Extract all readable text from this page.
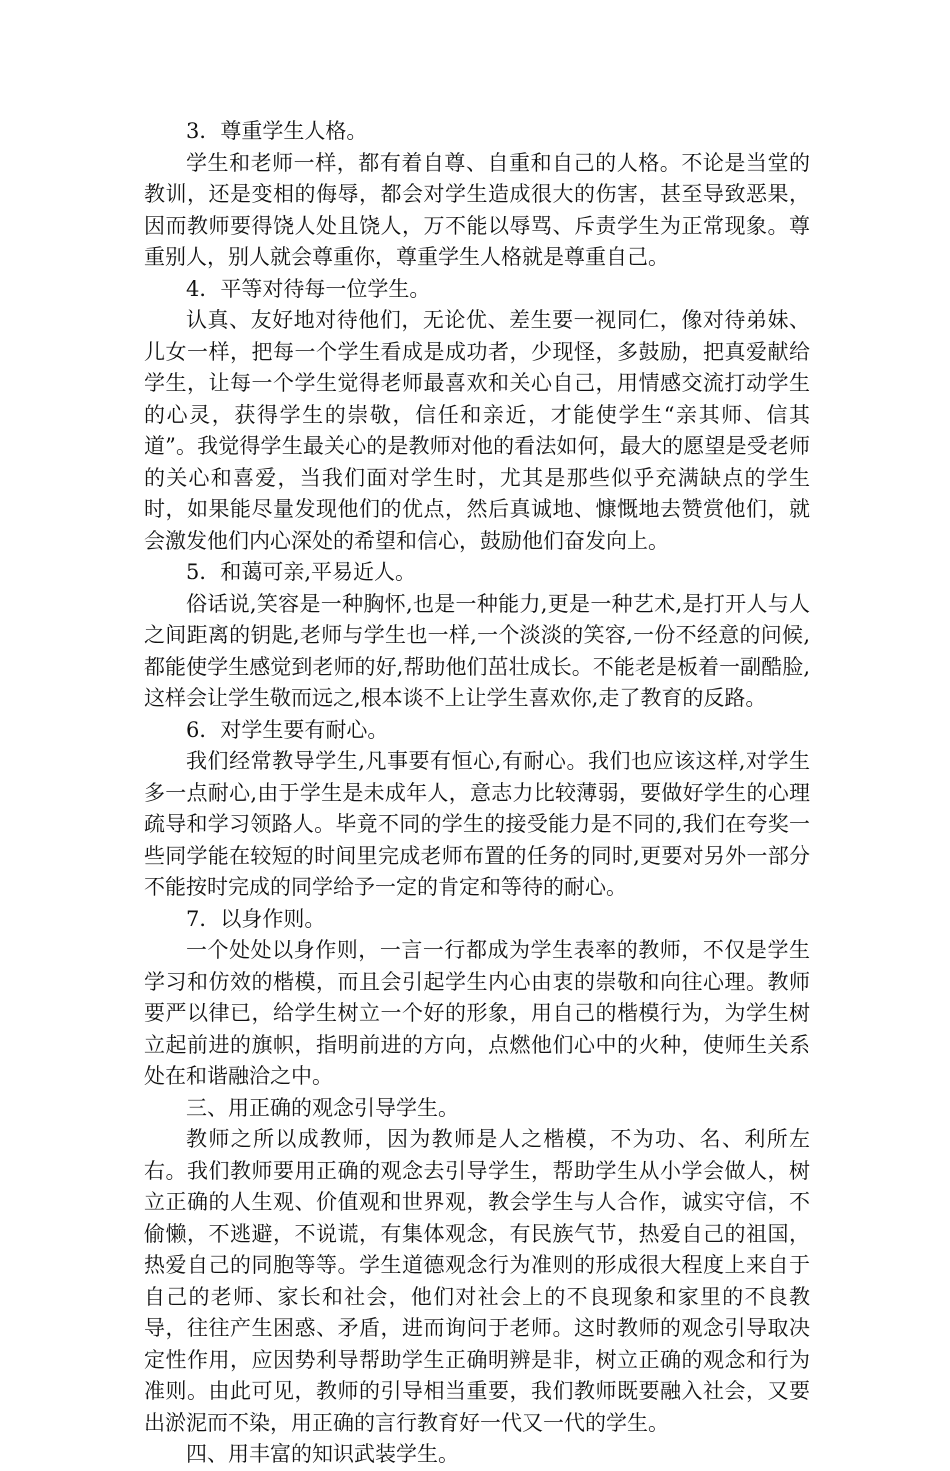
3．尊重学生人格。

学生和老师一样，都有着自尊、自重和自己的人格。不论是当堂的教训，还是变相的侮辱，都会对学生造成很大的伤害，甚至导致恶果，因而教师要得饶人处且饶人，万不能以辱骂、斥责学生为正常现象。尊重别人，别人就会尊重你，尊重学生人格就是尊重自己。

4．平等对待每一位学生。

认真、友好地对待他们，无论优、差生要一视同仁，像对待弟妹、儿女一样，把每一个学生看成是成功者，少现怪，多鼓励，把真爱献给学生，让每一个学生觉得老师最喜欢和关心自己，用情感交流打动学生的心灵，获得学生的崇敬，信任和亲近，才能使学生“亲其师、信其道”。我觉得学生最关心的是教师对他的看法如何，最大的愿望是受老师的关心和喜爱，当我们面对学生时，尤其是那些似乎充满缺点的学生时，如果能尽量发现他们的优点，然后真诚地、慷慨地去赞赏他们，就会激发他们内心深处的希望和信心，鼓励他们奋发向上。

5．和蔼可亲,平易近人。

俗话说,笑容是一种胸怀,也是一种能力,更是一种艺术,是打开人与人之间距离的钥匙,老师与学生也一样,一个淡淡的笑容,一份不经意的问候,都能使学生感觉到老师的好,帮助他们茁壮成长。不能老是板着一副酷脸,这样会让学生敬而远之,根本谈不上让学生喜欢你,走了教育的反路。

6．对学生要有耐心。

我们经常教导学生,凡事要有恒心,有耐心。我们也应该这样,对学生多一点耐心,由于学生是未成年人，意志力比较薄弱，要做好学生的心理疏导和学习领路人。毕竟不同的学生的接受能力是不同的,我们在夸奖一些同学能在较短的时间里完成老师布置的任务的同时,更要对另外一部分不能按时完成的同学给予一定的肯定和等待的耐心。

7．以身作则。

一个处处以身作则，一言一行都成为学生表率的教师，不仅是学生学习和仿效的楷模，而且会引起学生内心由衷的崇敬和向往心理。教师要严以律已，给学生树立一个好的形象，用自己的楷模行为，为学生树立起前进的旗帜，指明前进的方向，点燃他们心中的火种，使师生关系处在和谐融洽之中。

三、用正确的观念引导学生。

教师之所以成教师，因为教师是人之楷模，不为功、名、利所左右。我们教师要用正确的观念去引导学生，帮助学生从小学会做人，树立正确的人生观、价值观和世界观，教会学生与人合作，诚实守信，不偷懒，不逃避，不说谎，有集体观念，有民族气节，热爱自己的祖国，热爱自己的同胞等等。学生道德观念行为准则的形成很大程度上来自于自己的老师、家长和社会，他们对社会上的不良现象和家里的不良教导，往往产生困惑、矛盾，进而询问于老师。这时教师的观念引导取决定性作用，应因势利导帮助学生正确明辨是非，树立正确的观念和行为准则。由此可见，教师的引导相当重要，我们教师既要融入社会，又要出淤泥而不染，用正确的言行教育好一代又一代的学生。

四、用丰富的知识武装学生。
